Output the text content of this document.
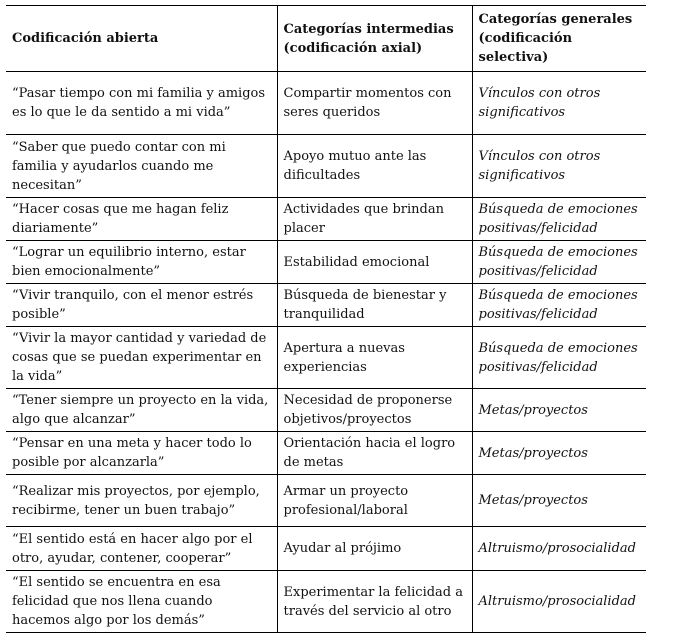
Codificación abierta	Categorías intermedias (codificación axial)	Categorías generales (codificación selectiva)
“Pasar tiempo con mi familia y amigos es lo que le da sentido a mi vida”	Compartir momentos con seres queridos	Vínculos con otros significativos
“Saber que puedo contar con mi familia y ayudarlos cuando me necesitan”	Apoyo mutuo ante las dificultades	Vínculos con otros significativos
“Hacer cosas que me hagan feliz diariamente”	Actividades que brindan placer	Búsqueda de emociones positivas/felicidad
“Lograr un equilibrio interno, estar bien emocionalmente”	Estabilidad emocional	Búsqueda de emociones positivas/felicidad
“Vivir tranquilo, con el menor estrés posible”	Búsqueda de bienestar y tranquilidad	Búsqueda de emociones positivas/felicidad
“Vivir la mayor cantidad y variedad de cosas que se puedan experimentar en la vida”	Apertura a nuevas experiencias	Búsqueda de emociones positivas/felicidad
“Tener siempre un proyecto en la vida, algo que alcanzar”	Necesidad de proponerse objetivos/proyectos	Metas/proyectos
“Pensar en una meta y hacer todo lo posible por alcanzarla”	Orientación hacia el logro de metas	Metas/proyectos
“Realizar mis proyectos, por ejemplo, recibirme, tener un buen trabajo”	Armar un proyecto profesional/laboral	Metas/proyectos
“El sentido está en hacer algo por el otro, ayudar, contener, cooperar”	Ayudar al prójimo	Altruismo/prosocialidad
“El sentido se encuentra en esa felicidad que nos llena cuando hacemos algo por los demás”	Experimentar la felicidad a través del servicio al otro	Altruismo/prosocialidad
